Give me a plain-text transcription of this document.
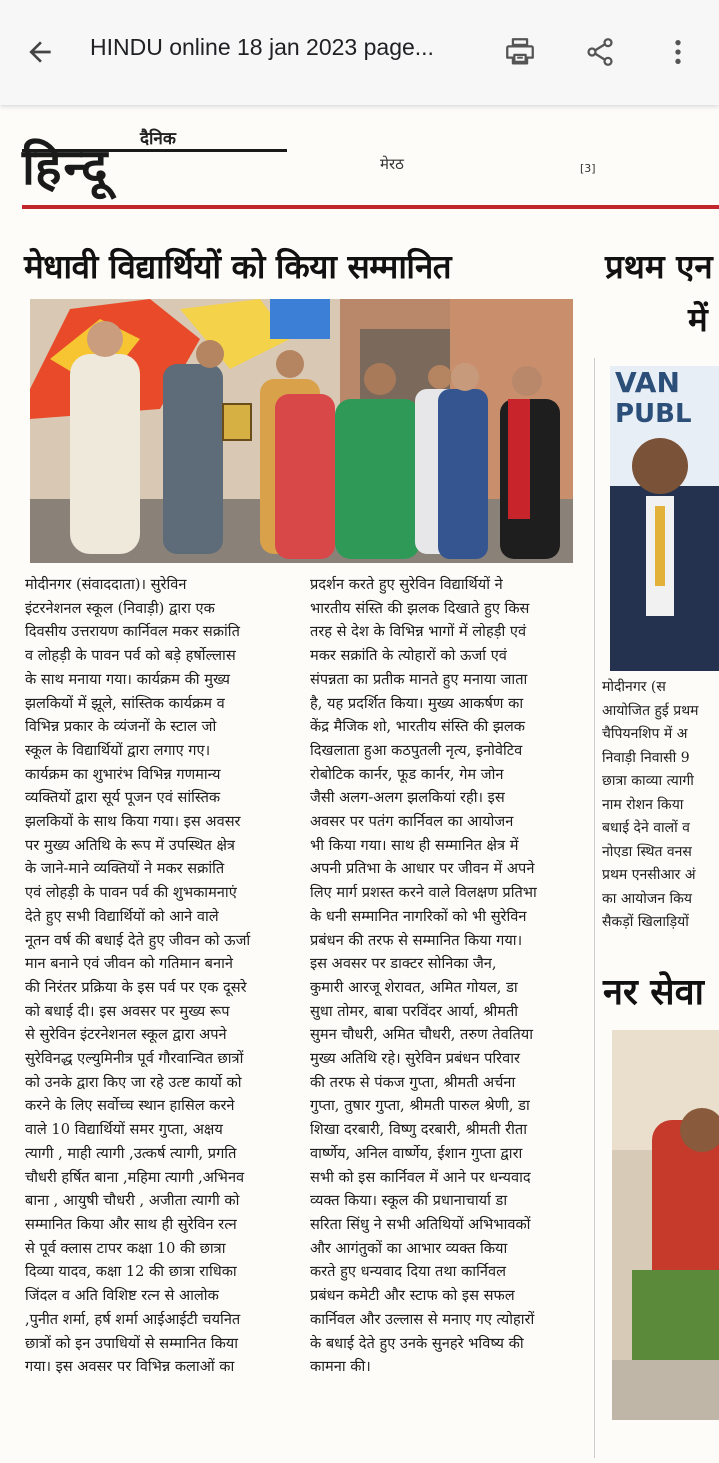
HINDU online 18 jan 2023 page...
दैनिक
हिन्दू	मेरठ	[3]
मेधावी विद्यार्थियों को किया सम्मानित	प्रथम एन
में
VAN
PUBL
मोदीनगर (संवाददाता)। सुरेविन
इंटरनेशनल स्कूल (निवाड़ी) द्वारा एक
दिवसीय उत्तरायण कार्निवल मकर सक्रांति
व लोहड़ी के पावन पर्व को बड़े हर्षोल्लास
के साथ मनाया गया। कार्यक्रम की मुख्य
झलकियों में झूले, सांस्तिक कार्यक्रम व
विभिन्न प्रकार के व्यंजनों के स्टाल जो
स्कूल के विद्यार्थियों द्वारा लगाए गए।
कार्यक्रम का शुभारंभ विभिन्न गणमान्य
व्यक्तियों द्वारा सूर्य पूजन एवं सांस्तिक
झलकियों के साथ किया गया। इस अवसर
पर मुख्य अतिथि के रूप में उपस्थित क्षेत्र
के जाने-माने व्यक्तियों ने मकर सक्रांति
एवं लोहड़ी के पावन पर्व की शुभकामनाएं
देते हुए सभी विद्यार्थियों को आने वाले
नूतन वर्ष की बधाई देते हुए जीवन को ऊर्जा
मान बनाने एवं जीवन को गतिमान बनाने
की निरंतर प्रक्रिया के इस पर्व पर एक दूसरे
को बधाई दी। इस अवसर पर मुख्य रूप
से सुरेविन इंटरनेशनल स्कूल द्वारा अपने
सुरेविनद्ध एल्युमिनीत्र पूर्व गौरवान्वित छात्रों
को उनके द्वारा किए जा रहे उत्ष्ट कार्यो को
करने के लिए सर्वोच्च स्थान हासिल करने
वाले 10 विद्यार्थियों समर गुप्ता, अक्षय
त्यागी , माही त्यागी ,उत्कर्ष त्यागी, प्रगति
चौधरी हर्षित बाना ,महिमा त्यागी ,अभिनव
बाना , आयुषी चौधरी , अजीता त्यागी को
सम्मानित किया और साथ ही सुरेविन रत्न
से पूर्व क्लास टापर कक्षा 10 की छात्रा
दिव्या यादव, कक्षा 12 की छात्रा राधिका
जिंदल व अति विशिष्ट रत्न से आलोक
,पुनीत शर्मा, हर्ष शर्मा आईआईटी चयनित
छात्रों को इन उपाधियों से सम्मानित किया
गया। इस अवसर पर विभिन्न कलाओं का
प्रदर्शन करते हुए सुरेविन विद्यार्थियों ने
भारतीय संस्ति की झलक दिखाते हुए किस
तरह से देश के विभिन्न भागों में लोहड़ी एवं
मकर सक्रांति के त्योहारों को ऊर्जा एवं
संपन्नता का प्रतीक मानते हुए मनाया जाता
है, यह प्रदर्शित किया। मुख्य आकर्षण का
केंद्र मैजिक शो, भारतीय संस्ति की झलक
दिखलाता हुआ कठपुतली नृत्य, इनोवेटिव
रोबोटिक कार्नर, फूड कार्नर, गेम जोन
जैसी अलग-अलग झलकियां रही। इस
अवसर पर पतंग कार्निवल का आयोजन
भी किया गया। साथ ही सम्मानित क्षेत्र में
अपनी प्रतिभा के आधार पर जीवन में अपने
लिए मार्ग प्रशस्त करने वाले विलक्षण प्रतिभा
के धनी सम्मानित नागरिकों को भी सुरेविन
प्रबंधन की तरफ से सम्मानित किया गया।
इस अवसर पर डाक्टर सोनिका जैन,
कुमारी आरजू शेरावत, अमित गोयल, डा
सुधा तोमर, बाबा परविंदर आर्या, श्रीमती
सुमन चौधरी, अमित चौधरी, तरुण तेवतिया
मुख्य अतिथि रहे। सुरेविन प्रबंधन परिवार
की तरफ से पंकज गुप्ता, श्रीमती अर्चना
गुप्ता, तुषार गुप्ता, श्रीमती पारुल श्रेणी, डा
शिखा दरबारी, विष्णु दरबारी, श्रीमती रीता
वार्ष्णेय, अनिल वार्ष्णेय, ईशान गुप्ता द्वारा
सभी को इस कार्निवल में आने पर धन्यवाद
व्यक्त किया। स्कूल की प्रधानाचार्या डा
सरिता सिंधु ने सभी अतिथियों अभिभावकों
और आगंतुकों का आभार व्यक्त किया
करते हुए धन्यवाद दिया तथा कार्निवल
प्रबंधन कमेटी और स्टाफ को इस सफल
कार्निवल और उल्लास से मनाए गए त्योहारों
के बधाई देते हुए उनके सुनहरे भविष्य की
कामना की।
मोदीनगर (स
आयोजित हुई प्रथम
चैपियनशिप में अ
निवाड़ी निवासी 9
छात्रा काव्या त्यागी
नाम रोशन किया
बधाई देने वालों व
नोएडा स्थित वनस
प्रथम एनसीआर अं
का आयोजन किय
सैकड़ों खिलाड़ियों
नर सेवा
